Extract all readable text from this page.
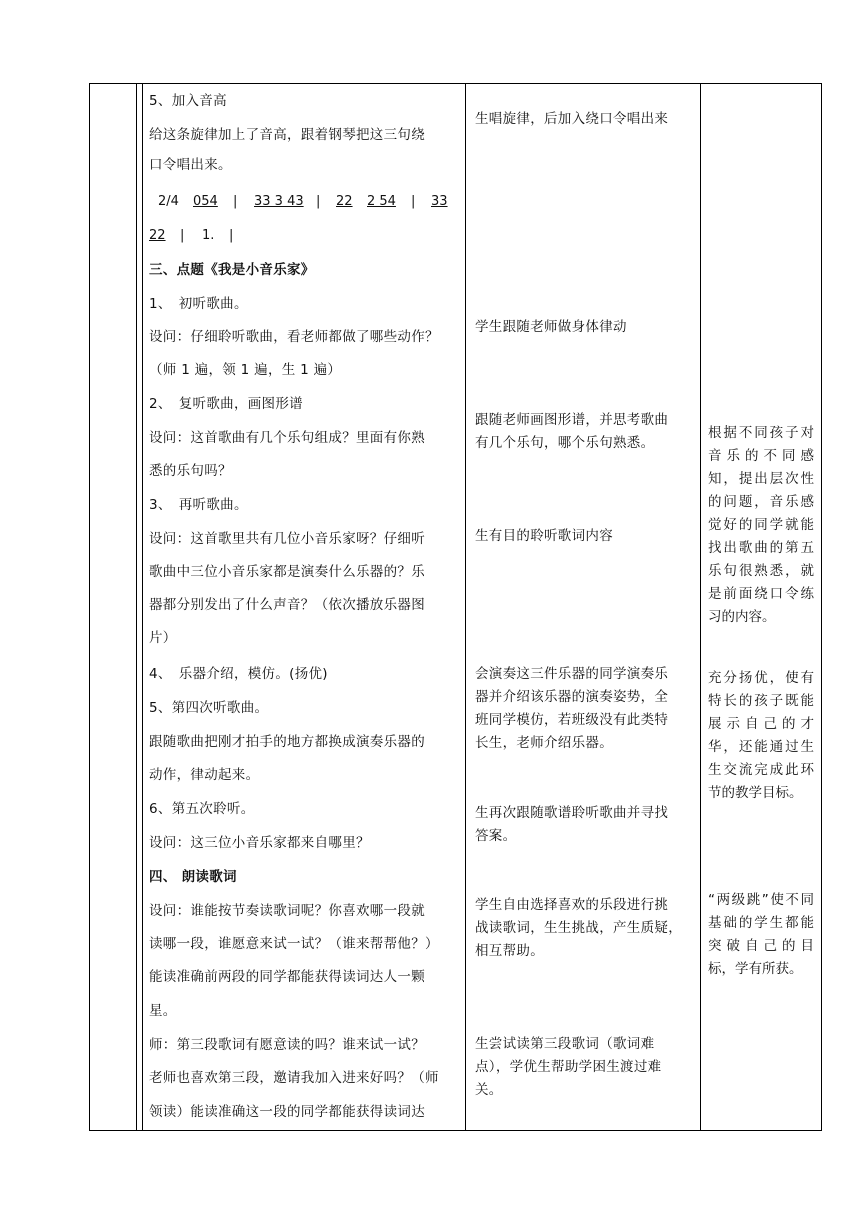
5、加入音高
给这条旋律加上了音高，跟着钢琴把这三句绕
口令唱出来。
2/4 054 | 33 3 43 | 22 2 54 | 33
22 | 1. |
三、点题《我是小音乐家》
1、　初听歌曲。
设问：仔细聆听歌曲，看老师都做了哪些动作？
（师 1 遍，领 1 遍，生 1 遍）
2、　复听歌曲，画图形谱
设问：这首歌曲有几个乐句组成？里面有你熟
悉的乐句吗？
3、　再听歌曲。
设问：这首歌里共有几位小音乐家呀？仔细听
歌曲中三位小音乐家都是演奏什么乐器的？乐
器都分别发出了什么声音？（依次播放乐器图
片）
4、　乐器介绍，模仿。(扬优)
5、第四次听歌曲。
跟随歌曲把刚才拍手的地方都换成演奏乐器的
动作，律动起来。
6、第五次聆听。
设问：这三位小音乐家都来自哪里？
四、 朗读歌词
设问：谁能按节奏读歌词呢？你喜欢哪一段就
读哪一段，谁愿意来试一试？（谁来帮帮他？）
能读准确前两段的同学都能获得读词达人一颗
星。
师：第三段歌词有愿意读的吗？谁来试一试？
老师也喜欢第三段，邀请我加入进来好吗？（师
领读）能读准确这一段的同学都能获得读词达
生唱旋律，后加入绕口令唱出来
学生跟随老师做身体律动
跟随老师画图形谱，并思考歌曲
有几个乐句，哪个乐句熟悉。
生有目的聆听歌词内容
会演奏这三件乐器的同学演奏乐
器并介绍该乐器的演奏姿势，全
班同学模仿，若班级没有此类特
长生，老师介绍乐器。
生再次跟随歌谱聆听歌曲并寻找
答案。
学生自由选择喜欢的乐段进行挑
战读歌词，生生挑战，产生质疑，
相互帮助。
生尝试读第三段歌词（歌词难
点），学优生帮助学困生渡过难
关。
根据不同孩子对音乐的不同感知，提出层次性的问题，音乐感觉好的同学就能找出歌曲的第五乐句很熟悉，就是前面绕口令练习的内容。
充分扬优，使有特长的孩子既能展示自己的才华，还能通过生生交流完成此环节的教学目标。
“两级跳”使不同基础的学生都能突破自己的目标，学有所获。
